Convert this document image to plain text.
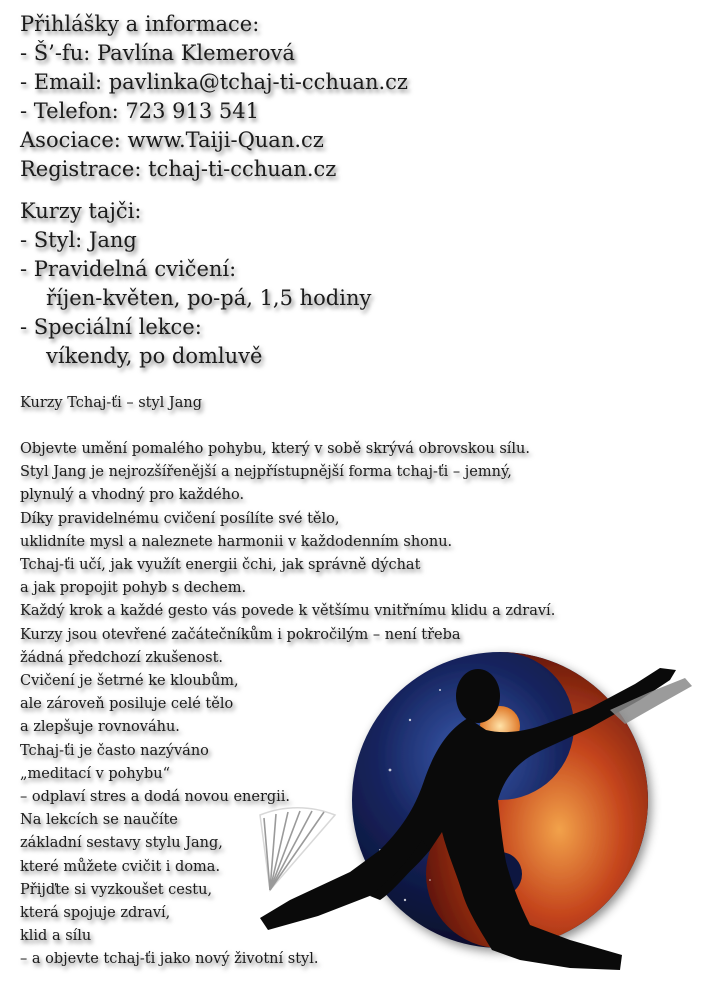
Přihlášky a informace:
- Š’-fu: Pavlína Klemerová
- Email: pavlinka@tchaj-ti-cchuan.cz
- Telefon: 723 913 541
Asociace: www.Taiji-Quan.cz
Registrace: tchaj-ti-cchuan.cz
Kurzy tajči:
- Styl: Jang
- Pravidelná cvičení:
říjen-květen, po-pá, 1,5 hodiny
- Speciální lekce:
víkendy, po domluvě
Kurzy Tchaj-ťi – styl Jang
Objevte umění pomalého pohybu, který v sobě skrývá obrovskou sílu.
Styl Jang je nejrozšířenější a nejpřístupnější forma tchaj-ťi – jemný,
plynulý a vhodný pro každého.
Díky pravidelnému cvičení posílíte své tělo,
uklidníte mysl a naleznete harmonii v každodenním shonu.
Tchaj-ťi učí, jak využít energii čchi, jak správně dýchat
a jak propojit pohyb s dechem.
Každý krok a každé gesto vás povede k většímu vnitřnímu klidu a zdraví.
Kurzy jsou otevřené začátečníkům i pokročilým – není třeba
žádná předchozí zkušenost.
Cvičení je šetrné ke kloubům,
ale zároveň posiluje celé tělo
a zlepšuje rovnováhu.
Tchaj-ťi je často nazýváno
„meditací v pohybu“
– odplaví stres a dodá novou energii.
Na lekcích se naučíte
základní sestavy stylu Jang,
které můžete cvičit i doma.
Přijďte si vyzkoušet cestu,
která spojuje zdraví,
klid a sílu
– a objevte tchaj-ťi jako nový životní styl.
